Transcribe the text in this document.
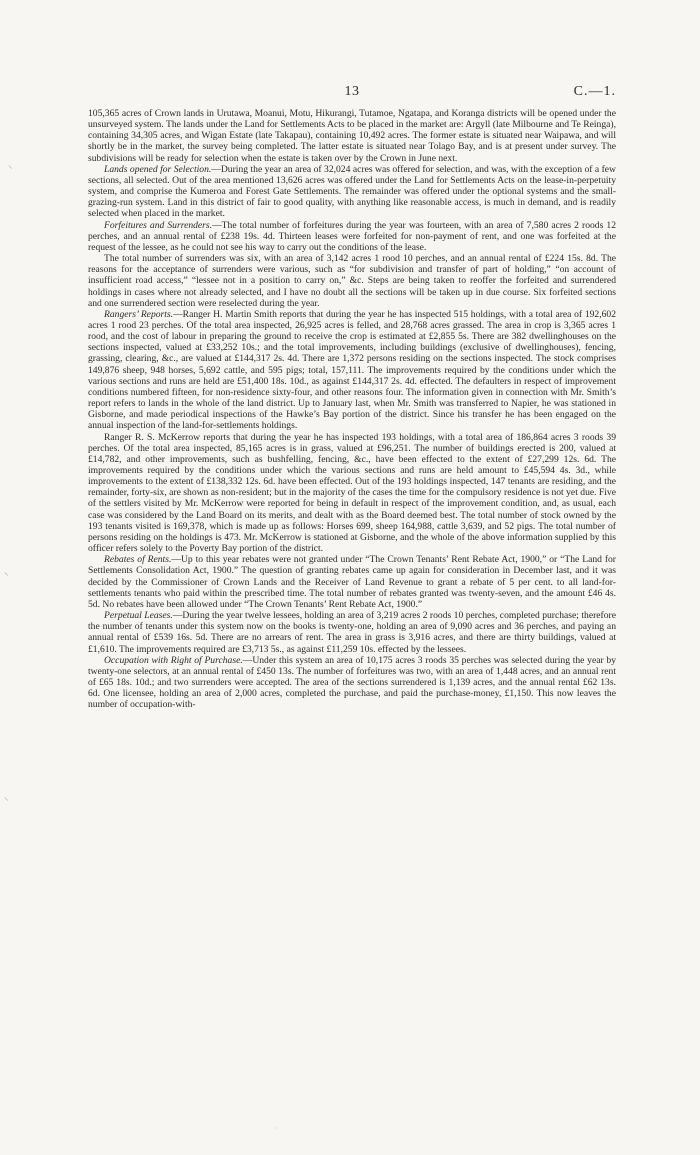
13	C.—1.
⸜
⸜
⸜
·

105,365 acres of Crown lands in Urutawa, Moanui, Motu, Hikurangi, Tutamoe, Ngatapa, and Koranga districts will be opened under the unsurveyed system. The lands under the Land for Settlements Acts to be placed in the market are: Argyll (late Milbourne and Te Reinga), containing 34,305 acres, and Wigan Estate (late Takapau), containing 10,492 acres. The former estate is situated near Waipawa, and will shortly be in the market, the survey being completed. The latter estate is situated near Tolago Bay, and is at present under survey. The subdivisions will be ready for selection when the estate is taken over by the Crown in June next.

Lands opened for Selection.—During the year an area of 32,024 acres was offered for selection, and was, with the exception of a few sections, all selected. Out of the area mentioned 13,626 acres was offered under the Land for Settlements Acts on the lease-in-perpetuity system, and comprise the Kumeroa and Forest Gate Settlements. The remainder was offered under the optional systems and the small-grazing-run system. Land in this district of fair to good quality, with anything like reasonable access, is much in demand, and is readily selected when placed in the market.

Forfeitures and Surrenders.—The total number of forfeitures during the year was fourteen, with an area of 7,580 acres 2 roods 12 perches, and an annual rental of £238 19s. 4d. Thirteen leases were forfeited for non-payment of rent, and one was forfeited at the request of the lessee, as he could not see his way to carry out the conditions of the lease.

The total number of surrenders was six, with an area of 3,142 acres 1 rood 10 perches, and an annual rental of £224 15s. 8d. The reasons for the acceptance of surrenders were various, such as “for subdivision and transfer of part of holding,” “on account of insufficient road access,” “lessee not in a position to carry on,” &c. Steps are being taken to reoffer the forfeited and surrendered holdings in cases where not already selected, and I have no doubt all the sections will be taken up in due course. Six forfeited sections and one surrendered section were reselected during the year.

Rangers’ Reports.—Ranger H. Martin Smith reports that during the year he has inspected 515 holdings, with a total area of 192,602 acres 1 rood 23 perches. Of the total area inspected, 26,925 acres is felled, and 28,768 acres grassed. The area in crop is 3,365 acres 1 rood, and the cost of labour in preparing the ground to receive the crop is estimated at £2,855 5s. There are 382 dwellinghouses on the sections inspected, valued at £33,252 10s.; and the total improvements, including buildings (exclusive of dwellinghouses), fencing, grassing, clearing, &c., are valued at £144,317 2s. 4d. There are 1,372 persons residing on the sections inspected. The stock comprises 149,876 sheep, 948 horses, 5,692 cattle, and 595 pigs; total, 157,111. The improvements required by the conditions under which the various sections and runs are held are £51,400 18s. 10d., as against £144,317 2s. 4d. effected. The defaulters in respect of improvement conditions numbered fifteen, for non-residence sixty-four, and other reasons four. The information given in connection with Mr. Smith’s report refers to lands in the whole of the land district. Up to January last, when Mr. Smith was transferred to Napier, he was stationed in Gisborne, and made periodical inspections of the Hawke’s Bay portion of the district. Since his transfer he has been engaged on the annual inspection of the land-for-settlements holdings.

Ranger R. S. McKerrow reports that during the year he has inspected 193 holdings, with a total area of 186,864 acres 3 roods 39 perches. Of the total area inspected, 85,165 acres is in grass, valued at £96,251. The number of buildings erected is 200, valued at £14,782, and other improvements, such as bushfelling, fencing, &c., have been effected to the extent of £27,299 12s. 6d. The improvements required by the conditions under which the various sections and runs are held amount to £45,594 4s. 3d., while improvements to the extent of £138,332 12s. 6d. have been effected. Out of the 193 holdings inspected, 147 tenants are residing, and the remainder, forty-six, are shown as non-resident; but in the majority of the cases the time for the compulsory residence is not yet due. Five of the settlers visited by Mr. McKerrow were reported for being in default in respect of the improvement condition, and, as usual, each case was considered by the Land Board on its merits, and dealt with as the Board deemed best. The total number of stock owned by the 193 tenants visited is 169,378, which is made up as follows: Horses 699, sheep 164,988, cattle 3,639, and 52 pigs. The total number of persons residing on the holdings is 473. Mr. McKerrow is stationed at Gisborne, and the whole of the above information supplied by this officer refers solely to the Poverty Bay portion of the district.

Rebates of Rents.—Up to this year rebates were not granted under “The Crown Tenants’ Rent Rebate Act, 1900,” or “The Land for Settlements Consolidation Act, 1900.” The question of granting rebates came up again for consideration in December last, and it was decided by the Commissioner of Crown Lands and the Receiver of Land Revenue to grant a rebate of 5 per cent. to all land-for-settlements tenants who paid within the prescribed time. The total number of rebates granted was twenty-seven, and the amount £46 4s. 5d. No rebates have been allowed under “The Crown Tenants’ Rent Rebate Act, 1900.”

Perpetual Leases.—During the year twelve lessees, holding an area of 3,219 acres 2 roods 10 perches, completed purchase; therefore the number of tenants under this system now on the books is twenty-one, holding an area of 9,090 acres and 36 perches, and paying an annual rental of £539 16s. 5d. There are no arrears of rent. The area in grass is 3,916 acres, and there are thirty buildings, valued at £1,610. The improvements required are £3,713 5s., as against £11,259 10s. effected by the lessees.

Occupation with Right of Purchase.—Under this system an area of 10,175 acres 3 roods 35 perches was selected during the year by twenty-one selectors, at an annual rental of £450 13s. The number of forfeitures was two, with an area of 1,448 acres, and an annual rent of £65 18s. 10d.; and two surrenders were accepted. The area of the sections surrendered is 1,139 acres, and the annual rental £62 13s. 6d. One licensee, holding an area of 2,000 acres, completed the purchase, and paid the purchase-money, £1,150. This now leaves the number of occupation-with-
